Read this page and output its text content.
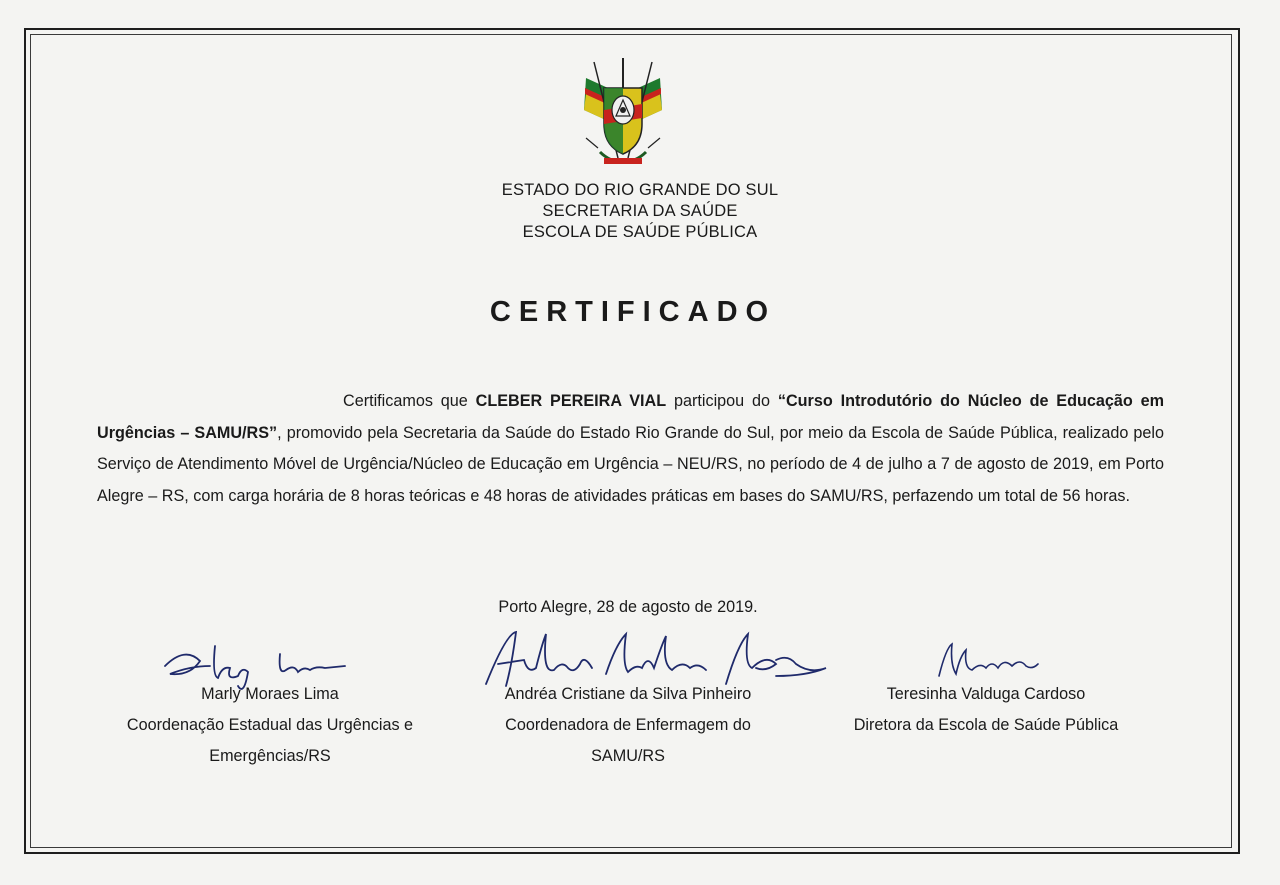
ESTADO DO RIO GRANDE DO SUL
SECRETARIA DA SAÚDE
ESCOLA DE SAÚDE PÚBLICA
CERTIFICADO
Certificamos que CLEBER PEREIRA VIAL participou do “Curso Introdutório do Núcleo de Educação em Urgências – SAMU/RS”, promovido pela Secretaria da Saúde do Estado Rio Grande do Sul, por meio da Escola de Saúde Pública, realizado pelo Serviço de Atendimento Móvel de Urgência/Núcleo de Educação em Urgência – NEU/RS, no período de 4 de julho a 7 de agosto de 2019, em Porto Alegre – RS, com carga horária de 8 horas teóricas e 48 horas de atividades práticas em bases do SAMU/RS, perfazendo um total de 56 horas.
Porto Alegre, 28 de agosto de 2019.
Marly Moraes Lima
Coordenação Estadual das Urgências e
Emergências/RS
Andréa Cristiane da Silva Pinheiro
Coordenadora de Enfermagem do
SAMU/RS
Teresinha Valduga Cardoso
Diretora da Escola de Saúde Pública
